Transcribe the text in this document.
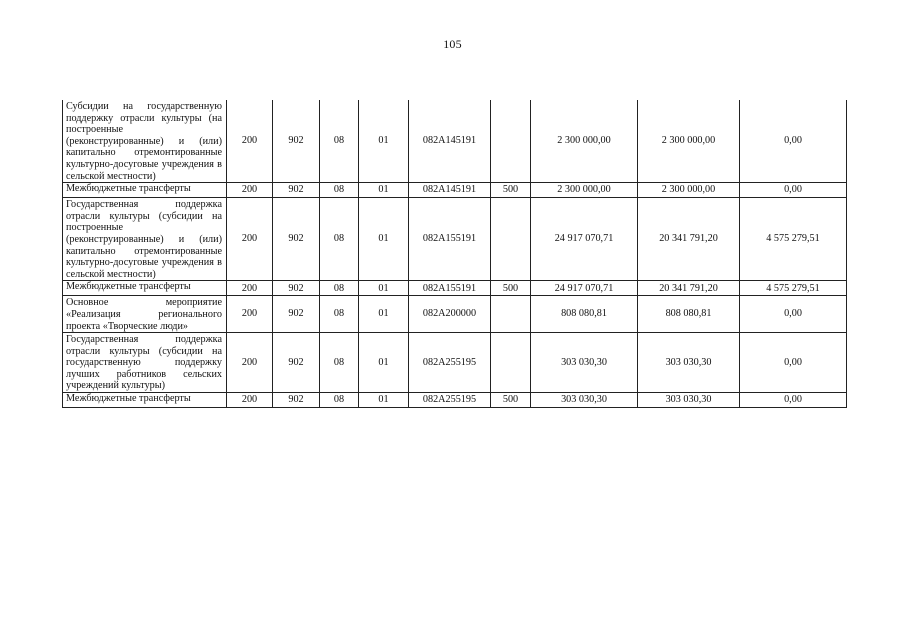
105
Субсидии на государственную поддержку отрасли культуры (на построенные (реконструированные) и (или) капитально отремонтированные культурно-досуговые учреждения в сельской местности)	200	902	08	01	082A145191		2 300 000,00	2 300 000,00	0,00
Межбюджетные трансферты	200	902	08	01	082A145191	500	2 300 000,00	2 300 000,00	0,00
Государственная поддержка отрасли культуры (субсидии на построенные (реконструированные) и (или) капитально отремонтированные культурно-досуговые учреждения в сельской местности)	200	902	08	01	082A155191		24 917 070,71	20 341 791,20	4 575 279,51
Межбюджетные трансферты	200	902	08	01	082A155191	500	24 917 070,71	20 341 791,20	4 575 279,51
Основное мероприятие «Реализация регионального проекта «Творческие люди»	200	902	08	01	082A200000		808 080,81	808 080,81	0,00
Государственная поддержка отрасли культуры (субсидии на государственную поддержку лучших работников сельских учреждений культуры)	200	902	08	01	082A255195		303 030,30	303 030,30	0,00
Межбюджетные трансферты	200	902	08	01	082A255195	500	303 030,30	303 030,30	0,00
